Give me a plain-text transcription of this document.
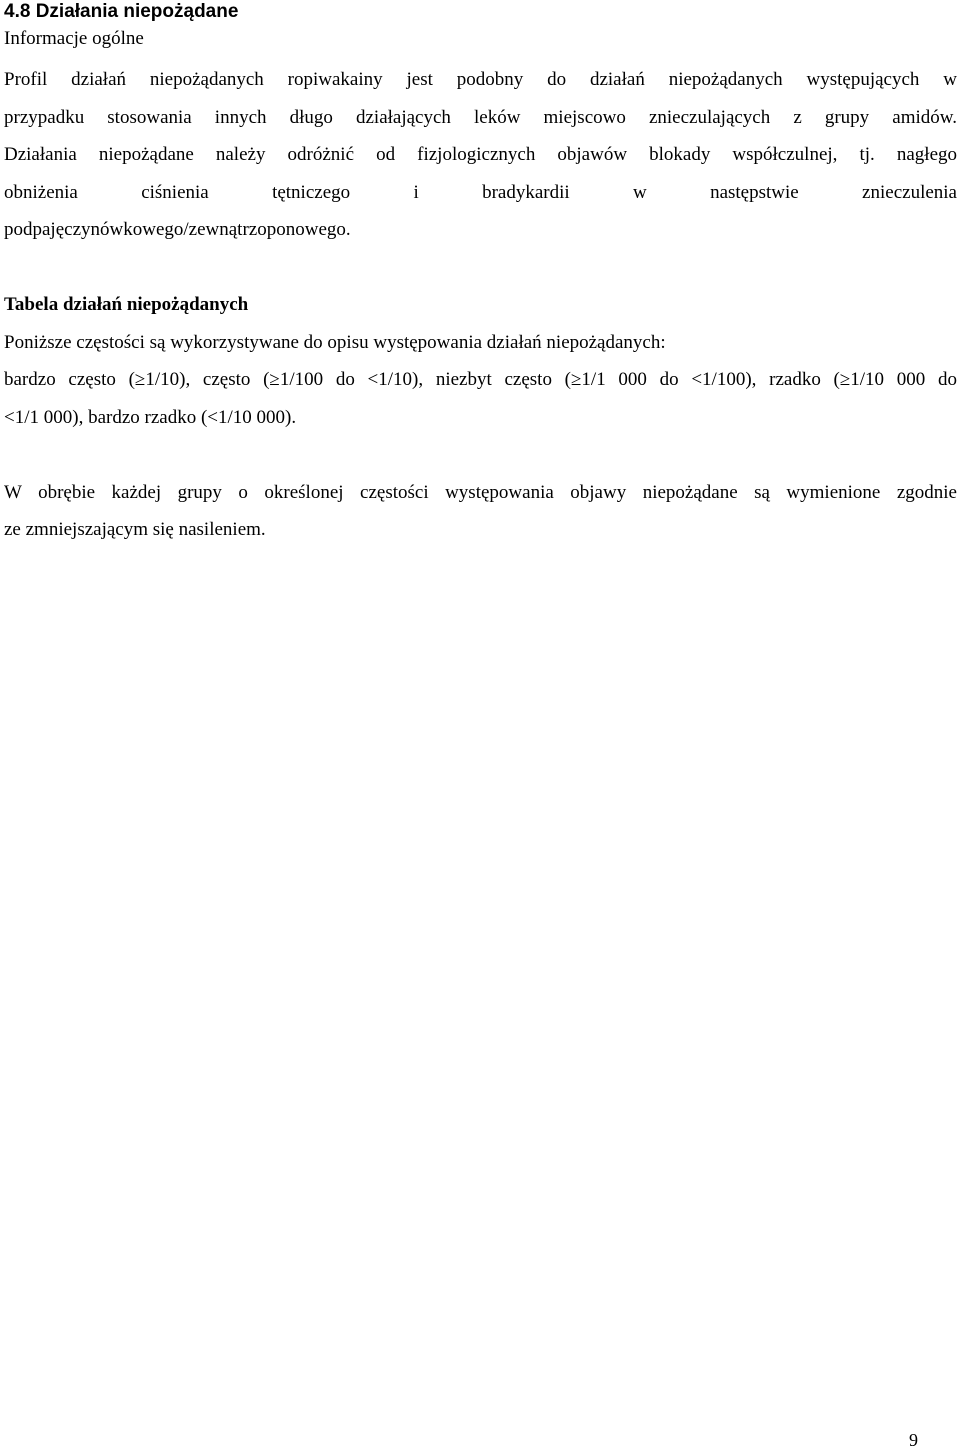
4.8 Działania niepożądane

Informacje ogólne

Profil działań niepożądanych ropiwakainy jest podobny do działań niepożądanych występujących w

przypadku stosowania innych długo działających leków miejscowo znieczulających z grupy amidów.

Działania niepożądane należy odróżnić od fizjologicznych objawów blokady współczulnej, tj. nagłego

obniżenia ciśnienia tętniczego i bradykardii w następstwie znieczulenia

podpajęczynówkowego/zewnątrzoponowego.

Tabela działań niepożądanych

Poniższe częstości są wykorzystywane do opisu występowania działań niepożądanych:

bardzo często (≥1/10), często (≥1/100 do <1/10), niezbyt często (≥1/1 000 do <1/100), rzadko (≥1/10 000 do

<1/1 000), bardzo rzadko (<1/10 000).

W obrębie każdej grupy o określonej częstości występowania objawy niepożądane są wymienione zgodnie

ze zmniejszającym się nasileniem.

9
